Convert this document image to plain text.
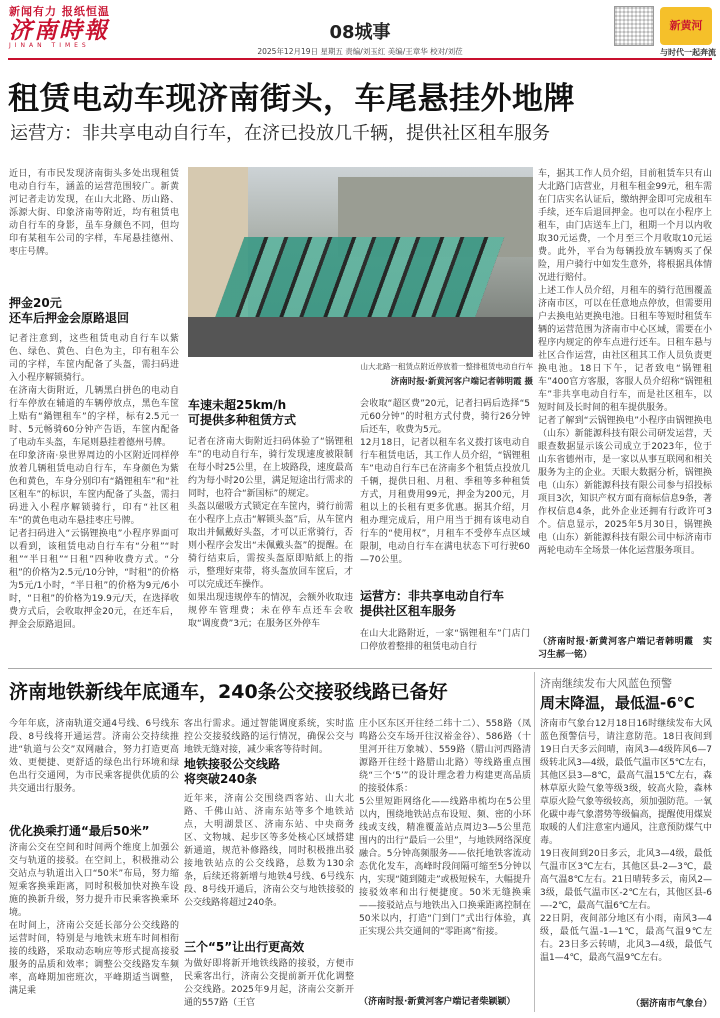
新闻有力 报纸恒温
济南時報
JINAN TIMES
08城事
2025年12月19日 星期五 责编/刘玉红 美编/王章华 校对/刘莅
新黄河
与时代一起奔流
租赁电动车现济南街头，车尾悬挂外地牌
运营方：非共享电动自行车，在济已投放几千辆，提供社区租车服务
近日，有市民发现济南街头多处出现租赁电动自行车，涵盖的运营范围较广。新黄河记者走访发现，在山大北路、历山路、泺源大街、印象济南等附近，均有租赁电动自行车的身影，虽车身颜色不同，但均印有某租车公司的字样，车尾悬挂德州、枣庄号牌。
押金20元
还车后押金会原路退回
记者注意到，这些租赁电动自行车以紫色、绿色、黄色、白色为主，印有租车公司的字样，车筐内配备了头盔，需扫码进入小程序解锁骑行。
在济南大街附近，几辆黑白拼色的电动自行车停放在辅道的车辆停放点，黑色车筐上贴有“鍋锂租车”的字样，标有2.5元一时、5元畅骑60分钟产告语，车筐内配备了电动车头盔，车尾则悬挂着德州号牌。
在印象济南·泉世界周边的小区附近同样停放着几辆租赁电动自行车，车身颜色为紫色和黄色，车身分别印有“鍋锂租车”和“社区租车”的标识，车筐内配备了头盔，需扫码进入小程序解锁骑行，印有“社区租车”的黄色电动车悬挂枣庄号牌。
记者扫码进入“云锅锂换电”小程序界面可以看到，该租赁电动自行车有“分租”“时租”“半日租”“日租”四种收费方式。“分租”的价格为2.5元/10分钟，“时租”的价格为5元/1小时，“半日租”的价格为9元/6小时，“日租”的价格为19.9元/天，在选择收费方式后，会收取押金20元，在还车后，押金会原路退回。
山大北路一租赁点附近停放着一整排租赁电动自行车
济南时报·新黄河客户端记者韩明霞 摄
车速未超25km/h
可提供多种租赁方式
记者在济南大街附近扫码体验了“锅锂租车”的电动自行车，骑行发现速度被限制在每小时25公里，在上坡路段，速度最高约为每小时20公里，满足短途出行需求的同时，也符合“新国标”的规定。
头盔以磁吸方式锁定在车筐内，骑行前需在小程序上点击“解锁头盔”后，从车筐内取出并佩戴好头盔，才可以正常骑行，否则小程序会发出“未佩戴头盔”的提醒。在骑行结束后，需按头盔原即贴紙上的指示，整理好束带，将头盔放回车筐后，才可以完成还车操作。
如果出现违规停车的情况，会额外收取违规停车管理费；未在停车点还车会收取“调度费”3元；在服务区外停车
会收取“超区费”20元，记者扫码后选择“5元60分钟”的时租方式付费，骑行26分钟后还车，收费为5元。
12月18日，记者以租车名义拨打该电动自行车租赁电话，其工作人员介绍，“锅锂租车”电动自行车已在济南多个租赁点投放几千辆，提供日租、月租、季租等多种租赁方式，月租费用99元，押金为200元，月租以上的长租有更多优惠。据其介绍，月租办理完成后，用户用当于拥有该电动自行车的“使用权”，月租车不受停车点区域限制，电动自行车在满电状态下可行驶60—70公里。
运营方：非共享电动自行车
提供社区租车服务
在山大北路附近，一家“锅锂租车”门店门口停放着整排的租赁电动自行
车，据其工作人员介绍，目前租赁车只有山大北路门店营业，月租车租金99元，租车需在门店实名认证后，缴纳押金即可完成租车手续，还车后退回押金。也可以在小程序上租车，由门店送车上门，租期一个月以内收取30元运费，一个月至三个月收取10元运费。此外，平台为每辆投放车辆购买了保险，用户骑行中如发生意外，将根据具体情况进行赔付。
上述工作人员介绍，月租车的骑行范围覆盖济南市区，可以在任意地点停放，但需要用户去换电站更换电池。日租车等短时租赁车辆的运营范围为济南市中心区域，需要在小程序内规定的停车点进行还车。日租车悬与社区合作运营，由社区租其工作人员负责更换电池。18日下午，记者致电“锅锂租车”400官方客服，客服人员介绍称“锅锂租车”非共享电动自行车，而是社区租车，以短时间及长时间的租车提供服务。
记者了解到“云锅锂换电”小程序由锅锂换电（山东）新能源科技有限公司研发运营，天眼查数据显示该公司成立于2023年，位于山东省德州市，是一家以从事互联网和相关服务为主的企业。天眼大数据分析，锅锂换电（山东）新能源科技有限公司参与招投标项目3次，知识产权方面有商标信息9条，著作权信息4条，此外企业还拥有行政许可3个。信息显示，2025年5月30日，锅锂换电（山东）新能源科技有限公司中标济南市两轮电动车全场景一体化运营服务项目。
（济南时报·新黄河客户端记者韩明霞　实习生郝一铭）
济南地铁新线年底通车，240条公交接驳线路已备好
今年年底，济南轨道交通4号线、6号线东段、8号线将开通运营。济南公交持续推进“轨道与公交”双网融合，努力打造更高效、更便捷、更舒适的绿色出行环境和绿色出行交通网，为市民乘客提供优质的公共交通出行服务。
优化换乘打通“最后50米”
济南公交在空间和时间两个维度上加强公交与轨道的接驳。在空间上，积极推动公交站点与轨道出入口“50米”布局，努力缩短乘客换乘距离，同时积极加快对换车设施的换新升级，努力提升市民乘客换乘环境。
在时间上，济南公交延长部分公交线路的运营时间，特别是与地铁末班车时间相衔接的线路，采取动态响应等形式提高接驳服务的品质和效率；调整公交线路发车频率，高峰期加密班次，平峰期适当调整，满足乘
客出行需求。通过智能调度系统，实时监控公交接驳线路的运行情况，确保公交与地铁无缝对接，减少乘客等待时间。
地铁接驳公交线路
将突破240条
近年来，济南公交围绕西客站、山大北路、千佛山站、济南东站等多个地铁站点，大明湖景区、济南东站、中央商务区、文物城、起步区等多处核心区域搭建新通道，规范补修路线，同时积极推出驳接地铁站点的公交线路，总数为130余条，后续还将新增与地铁4号线、6号线东段、8号线开通后，济南公交与地铁接驳的公交线路将超过240条。
三个“5”让出行更高效
为做好即将新开地铁线路的接驳，方便市民乘客出行，济南公交提前新开优化调整公交线路。2025年9月起，济南公交新开通的557路（王官
庄小区东区开往经二纬十二）、558路（凤鸣路公交车场开往汉裕金谷）、586路（十里河开往万象城）、559路（腊山河西路清源路开往经十路腊山北路）等线路重点围绕“三个‘5’”的设计理念着力构建更高品质的接驳体系：
5公里短距网络化——线路串梳均在5公里以内，围绕地铁站点布设短、频、密的小环线或支线，精准覆盖站点周边3—5公里范围内的出行“最后一公里”，与地铁网络深度融合。5分钟高频服务——依托地铁客流动态优化发车，高峰时段间隔可缩至5分钟以内，实现“随到随走”或极短候车，大幅提升接驳效率和出行便捷度。50米无缝换乘——接驳站点与地铁出入口换乘距离控制在50米以内，打造“门到门”式出行体验，真正实现公共交通间的“零距离”衔接。
（济南时报·新黄河客户端记者柴颖颖）
济南继续发布大风蓝色预警
周末降温，最低温-6℃
济南市气象台12月18日16时继续发布大风蓝色预警信号，请注意防范。18日夜间到19日白天多云间晴，南风3—4级阵风6—7级转北风3—4级，最低气温市区5℃左右，其他区县3—8℃，最高气温15℃左右，森林草原火险气象等级3级，较高火险，森林草原火险气象等级较高，须加强防范。一氧化碳中毒气象潜势等级偏高，提醒使用煤炭取暖的人们注意室内通风，注意预防煤气中毒。
19日夜间到20日多云，北风3—4级，最低气温市区3℃左右，其他区县-2—3℃，最高气温8℃左右。21日晴转多云，南风2—3级，最低气温市区-2℃左右，其他区县-6—-2℃，最高气温6℃左右。
22日阴，夜间部分地区有小雨，南风3—4级，最低气温-1—1℃，最高气温9℃左右。23日多云转晴，北风3—4级，最低气温1—4℃，最高气温9℃左右。
（据济南市气象台）
